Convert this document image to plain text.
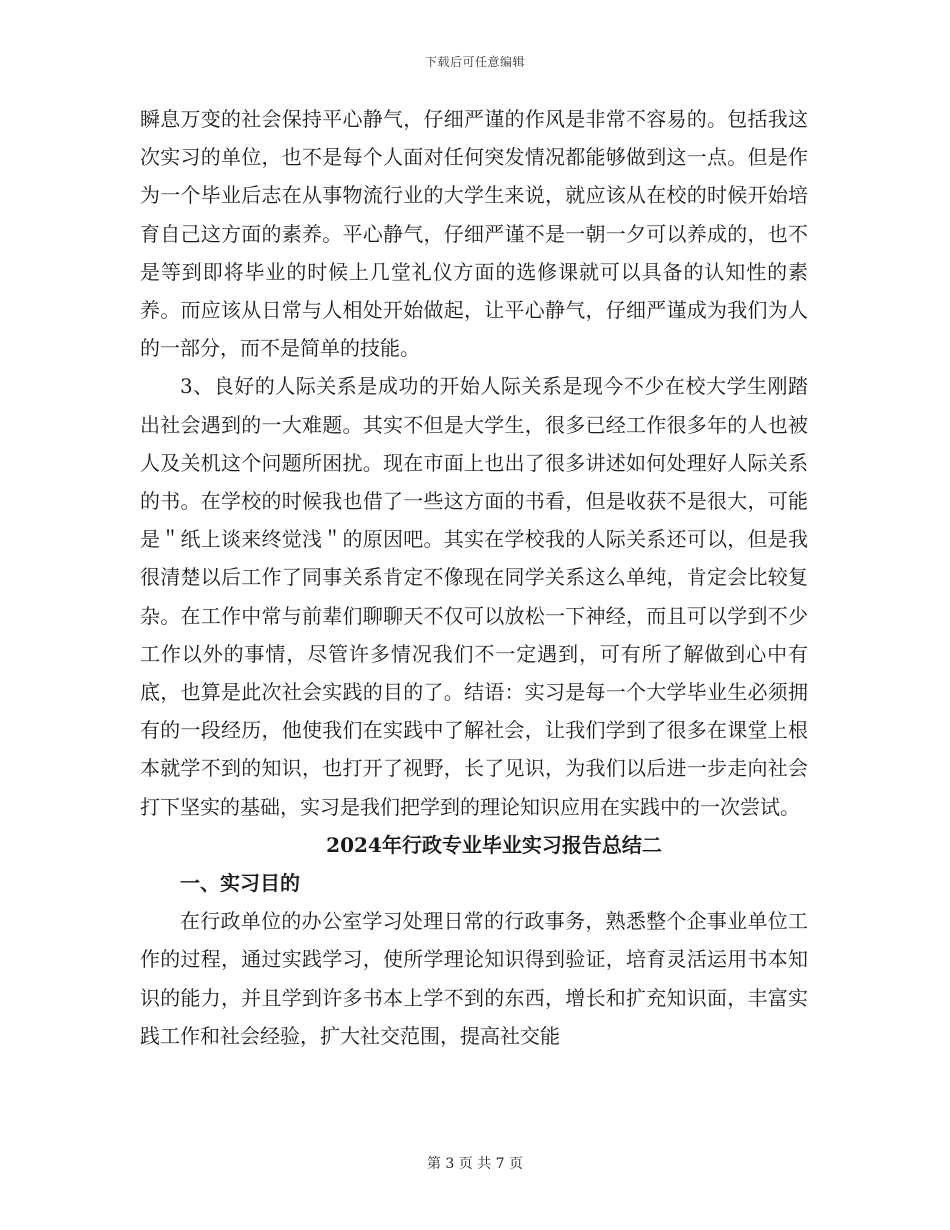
下载后可任意编辑

瞬息万变的社会保持平心静气，仔细严谨的作风是非常不容易的。包括我这次实习的单位，也不是每个人面对任何突发情况都能够做到这一点。但是作为一个毕业后志在从事物流行业的大学生来说，就应该从在校的时候开始培育自己这方面的素养。平心静气，仔细严谨不是一朝一夕可以养成的，也不是等到即将毕业的时候上几堂礼仪方面的选修课就可以具备的认知性的素养。而应该从日常与人相处开始做起，让平心静气，仔细严谨成为我们为人的一部分，而不是简单的技能。

3、良好的人际关系是成功的开始人际关系是现今不少在校大学生刚踏出社会遇到的一大难题。其实不但是大学生，很多已经工作很多年的人也被人及关机这个问题所困扰。现在市面上也出了很多讲述如何处理好人际关系的书。在学校的时候我也借了一些这方面的书看，但是收获不是很大，可能是＂纸上谈来终觉浅＂的原因吧。其实在学校我的人际关系还可以，但是我很清楚以后工作了同事关系肯定不像现在同学关系这么单纯，肯定会比较复杂。在工作中常与前辈们聊聊天不仅可以放松一下神经，而且可以学到不少工作以外的事情，尽管许多情况我们不一定遇到，可有所了解做到心中有底，也算是此次社会实践的目的了。结语：实习是每一个大学毕业生必须拥有的一段经历，他使我们在实践中了解社会，让我们学到了很多在课堂上根本就学不到的知识，也打开了视野，长了见识，为我们以后进一步走向社会打下坚实的基础，实习是我们把学到的理论知识应用在实践中的一次尝试。

2024年行政专业毕业实习报告总结二

一、实习目的

在行政单位的办公室学习处理日常的行政事务，熟悉整个企事业单位工作的过程，通过实践学习，使所学理论知识得到验证，培育灵活运用书本知识的能力，并且学到许多书本上学不到的东西，增长和扩充知识面，丰富实践工作和社会经验，扩大社交范围，提高社交能

第 3 页 共 7 页
